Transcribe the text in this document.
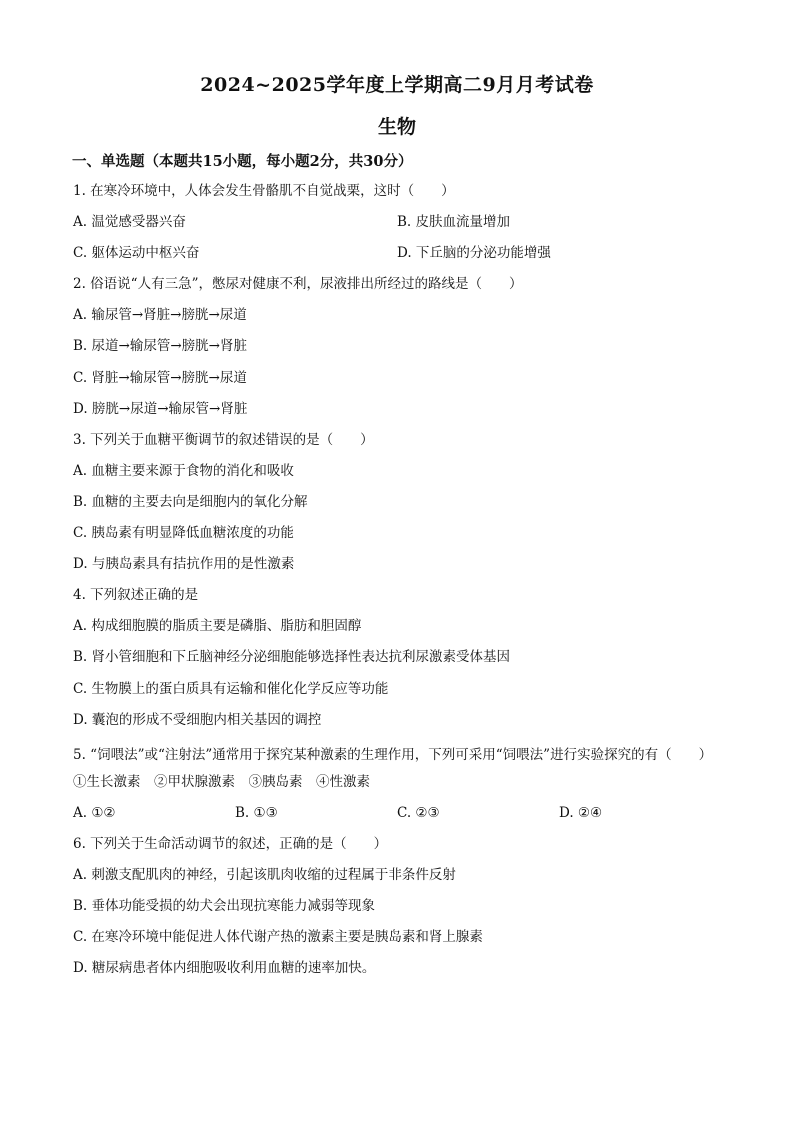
2024~2025学年度上学期高二9月月考试卷
生物
一、单选题（本题共15小题，每小题2分，共30分）
1. 在寒冷环境中，人体会发生骨骼肌不自觉战栗，这时（　　）
A. 温觉感受器兴奋	B. 皮肤血流量增加
C. 躯体运动中枢兴奋	D. 下丘脑的分泌功能增强
2. 俗语说“人有三急”，憋尿对健康不利，尿液排出所经过的路线是（　　）
A. 输尿管→肾脏→膀胱→尿道
B. 尿道→输尿管→膀胱→肾脏
C. 肾脏→输尿管→膀胱→尿道
D. 膀胱→尿道→输尿管→肾脏
3. 下列关于血糖平衡调节的叙述错误的是（　　）
A. 血糖主要来源于食物的消化和吸收
B. 血糖的主要去向是细胞内的氧化分解
C. 胰岛素有明显降低血糖浓度的功能
D. 与胰岛素具有拮抗作用的是性激素
4. 下列叙述正确的是
A. 构成细胞膜的脂质主要是磷脂、脂肪和胆固醇
B. 肾小管细胞和下丘脑神经分泌细胞能够选择性表达抗利尿激素受体基因
C. 生物膜上的蛋白质具有运输和催化化学反应等功能
D. 囊泡的形成不受细胞内相关基因的调控
5. “饲喂法”或“注射法”通常用于探究某种激素的生理作用，下列可采用“饲喂法”进行实验探究的有（　　）
①生长激素　②甲状腺激素　③胰岛素　④性激素
A. ①②	B. ①③	C. ②③	D. ②④
6. 下列关于生命活动调节的叙述，正确的是（　　）
A. 刺激支配肌肉的神经，引起该肌肉收缩的过程属于非条件反射
B. 垂体功能受损的幼犬会出现抗寒能力减弱等现象
C. 在寒冷环境中能促进人体代谢产热的激素主要是胰岛素和肾上腺素
D. 糖尿病患者体内细胞吸收利用血糖的速率加快。
